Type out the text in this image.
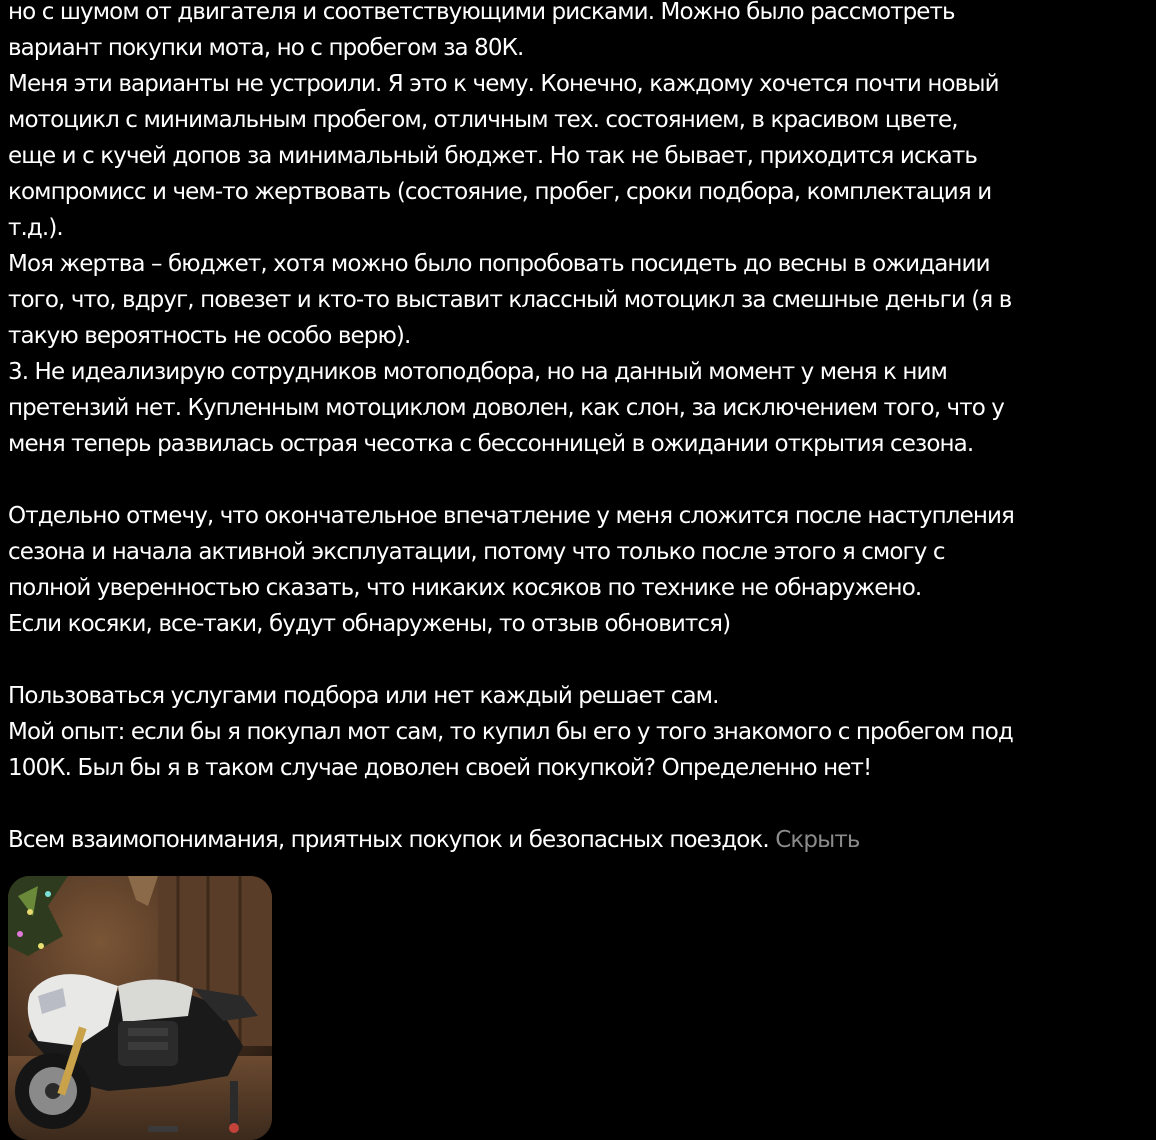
но с шумом от двигателя и соответствующими рисками. Можно было рассмотреть
вариант покупки мота, но с пробегом за 80К.
Меня эти варианты не устроили. Я это к чему. Конечно, каждому хочется почти новый
мотоцикл с минимальным пробегом, отличным тех. состоянием, в красивом цвете,
еще и с кучей допов за минимальный бюджет. Но так не бывает, приходится искать
компромисс и чем-то жертвовать (состояние, пробег, сроки подбора, комплектация и
т.д.).
Моя жертва – бюджет, хотя можно было попробовать посидеть до весны в ожидании
того, что, вдруг, повезет и кто-то выставит классный мотоцикл за смешные деньги (я в
такую вероятность не особо верю).
3. Не идеализирую сотрудников мотоподбора, но на данный момент у меня к ним
претензий нет. Купленным мотоциклом доволен, как слон, за исключением того, что у
меня теперь развилась острая чесотка с бессонницей в ожидании открытия сезона.
Отдельно отмечу, что окончательное впечатление у меня сложится после наступления
сезона и начала активной эксплуатации, потому что только после этого я смогу с
полной уверенностью сказать, что никаких косяков по технике не обнаружено.
Если косяки, все-таки, будут обнаружены, то отзыв обновится)
Пользоваться услугами подбора или нет каждый решает сам.
Мой опыт: если бы я покупал мот сам, то купил бы его у того знакомого с пробегом под
100К. Был бы я в таком случае доволен своей покупкой? Определенно нет!
Всем взаимопонимания, приятных покупок и безопасных поездок. Скрыть
